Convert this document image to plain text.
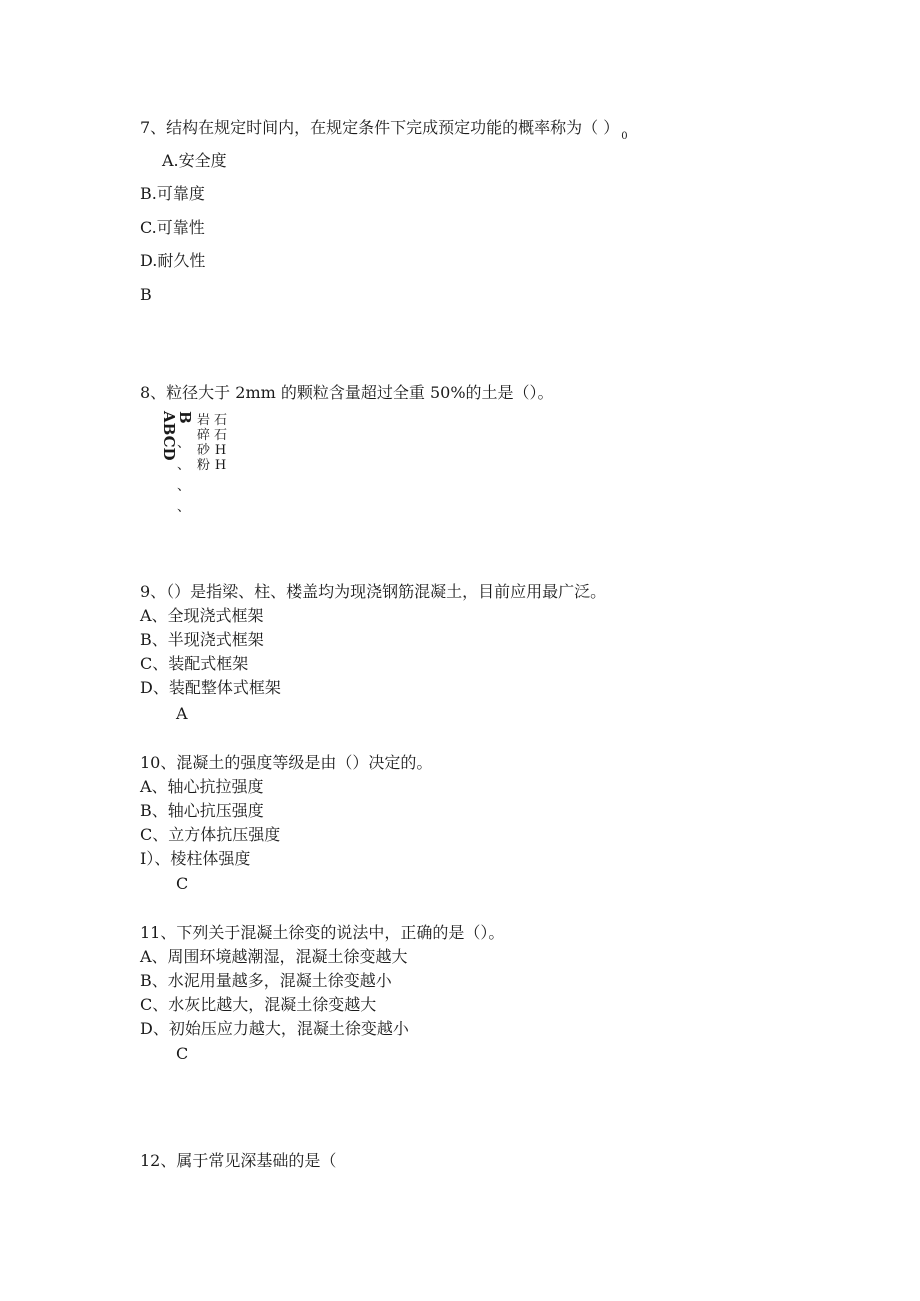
7、结构在规定时间内，在规定条件下完成预定功能的概率称为（ ） $_0$
A.安全度
B.可靠度
C.可靠性
D.耐久性
B
8、粒径大于 2mm 的颗粒含量超过全重 50%的土是（）。
ABCD
B
、
、
、
、
岩
碎
砂
粉
石
石
H
H
9、（）是指梁、柱、楼盖均为现浇钢筋混凝土，目前应用最广泛。
A、全现浇式框架
B、半现浇式框架
C、装配式框架
D、装配整体式框架
A
10、混凝土的强度等级是由（）决定的。
A、轴心抗拉强度
B、轴心抗压强度
C、立方体抗压强度
I）、棱柱体强度
C
11、下列关于混凝土徐变的说法中，正确的是（）。
A、周围环境越潮湿，混凝土徐变越大
B、水泥用量越多，混凝土徐变越小
C、水灰比越大，混凝土徐变越大
D、初始压应力越大，混凝土徐变越小
C
12、属于常见深基础的是（
